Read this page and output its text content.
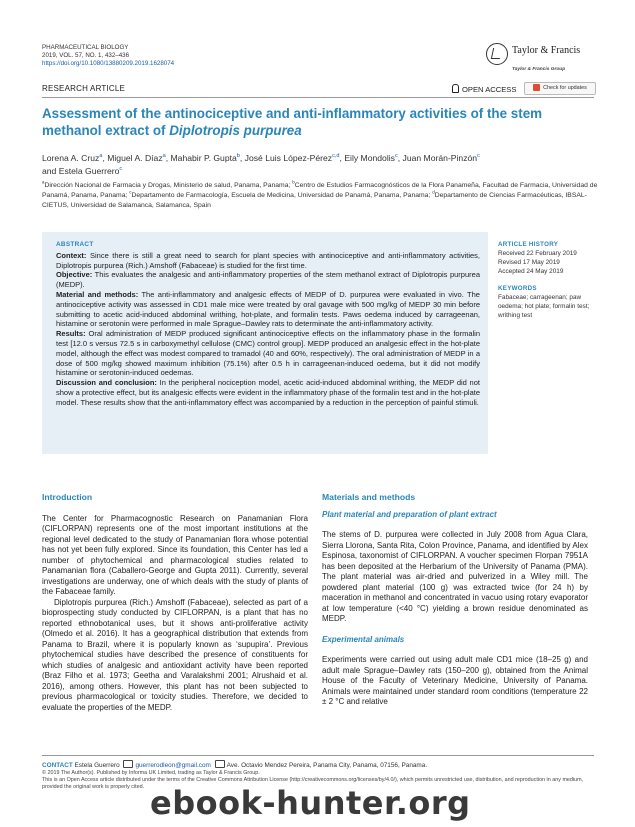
PHARMACEUTICAL BIOLOGY
2019, VOL. 57, NO. 1, 432–436
https://doi.org/10.1080/13880209.2019.1628074
Taylor & Francis
Taylor & Francis Group
RESEARCH ARTICLE	OPEN ACCESS	Check for updates
Assessment of the antinociceptive and anti-inflammatory activities of the stem methanol extract of Diplotropis purpurea
Lorena A. Cruz$^a$, Miguel A. Díaz$^a$, Mahabir P. Gupta$^b$, José Luis López-Pérez$^{c,d}$, Eily Mondolis$^c$, Juan Morán-Pinzón$^c$
and Estela Guerrero$^c$
$^a$Dirección Nacional de Farmacia y Drogas, Ministerio de salud, Panama, Panama; $^b$Centro de Estudios Farmacognósticos de la Flora Panameña, Facultad de Farmacia, Universidad de Panamá, Panama, Panama; $^c$Departamento de Farmacología, Escuela de Medicina, Universidad de Panamá, Panama, Panama; $^d$Departamento de Ciencias Farmacéuticas, IBSAL-CIETUS, Universidad de Salamanca, Salamanca, Spain
ABSTRACT

Context: Since there is still a great need to search for plant species with antinociceptive and anti-inflammatory activities, Diplotropis purpurea (Rich.) Amshoff (Fabaceae) is studied for the first time.

Objective: This evaluates the analgesic and anti-inflammatory properties of the stem methanol extract of Diplotropis purpurea (MEDP).

Material and methods: The anti-inflammatory and analgesic effects of MEDP of D. purpurea were evaluated in vivo. The antinociceptive activity was assessed in CD1 male mice were treated by oral gavage with 500 mg/kg of MEDP 30 min before submitting to acetic acid-induced abdominal writhing, hot-plate, and formalin tests. Paws oedema induced by carrageenan, histamine or serotonin were performed in male Sprague–Dawley rats to determinate the anti-inflammatory activity.

Results: Oral administration of MEDP produced significant antinociceptive effects on the inflammatory phase in the formalin test [12.0 s versus 72.5 s in carboxymethyl cellulose (CMC) control group]. MEDP produced an analgesic effect in the hot-plate model, although the effect was modest compared to tramadol (40 and 60%, respectively). The oral administration of MEDP in a dose of 500 mg/kg showed maximum inhibition (75.1%) after 0.5 h in carrageenan-induced oedema, but it did not modify histamine or serotonin-induced oedemas.

Discussion and conclusion: In the peripheral nociception model, acetic acid-induced abdominal writhing, the MEDP did not show a protective effect, but its analgesic effects were evident in the inflammatory phase of the formalin test and in the hot-plate model. These results show that the anti-inflammatory effect was accompanied by a reduction in the perception of painful stimuli.

ARTICLE HISTORY
Received 22 February 2019
Revised 17 May 2019
Accepted 24 May 2019
KEYWORDS
Fabaceae; carrageenan; paw oedema; hot plate; formalin test; writhing test
Introduction

The Center for Pharmacognostic Research on Panamanian Flora (CIFLORPAN) represents one of the most important institutions at the regional level dedicated to the study of Panamanian flora whose potential has not yet been fully explored. Since its foundation, this Center has led a number of phytochemical and pharmacological studies related to Panamanian flora (Caballero-George and Gupta 2011). Currently, several investigations are underway, one of which deals with the study of plants of the Fabaceae family.

Diplotropis purpurea (Rich.) Amshoff (Fabaceae), selected as part of a bioprospecting study conducted by CIFLORPAN, is a plant that has no reported ethnobotanical uses, but it shows anti-proliferative activity (Olmedo et al. 2016). It has a geographical distribution that extends from Panama to Brazil, where it is popularly known as ‘supupira’. Previous phytochemical studies have described the presence of constituents for which studies of analgesic and antioxidant activity have been reported (Braz Filho et al. 1973; Geetha and Varalakshmi 2001; Alrushaid et al. 2016), among others. However, this plant has not been subjected to previous pharmacological or toxicity studies. Therefore, we decided to evaluate the properties of the MEDP.

Materials and methods
Plant material and preparation of plant extract

The stems of D. purpurea were collected in July 2008 from Agua Clara, Sierra Llorona, Santa Rita, Colon Province, Panama, and identified by Alex Espinosa, taxonomist of CIFLORPAN. A voucher specimen Florpan 7951A has been deposited at the Herbarium of the University of Panama (PMA). The plant material was air-dried and pulverized in a Wiley mill. The powdered plant material (100 g) was extracted twice (for 24 h) by maceration in methanol and concentrated in vacuo using rotary evaporator at low temperature (<40 °C) yielding a brown residue denominated as MEDP.

Experimental animals

Experiments were carried out using adult male CD1 mice (18–25 g) and adult male Sprague–Dawley rats (150–200 g), obtained from the Animal House of the Faculty of Veterinary Medicine, University of Panama. Animals were maintained under standard room conditions (temperature 22 ± 2 °C and relative

CONTACT Estela Guerrero guerrerodleon@gmail.com Ave. Octavio Mendez Pereira, Panama City, Panama, 07156, Panama.
© 2019 The Author(s). Published by Informa UK Limited, trading as Taylor & Francis Group.
This is an Open Access article distributed under the terms of the Creative Commons Attribution License (http://creativecommons.org/licenses/by/4.0/), which permits unrestricted use, distribution, and reproduction in any medium, provided the original work is properly cited. ebook-hunter.org
